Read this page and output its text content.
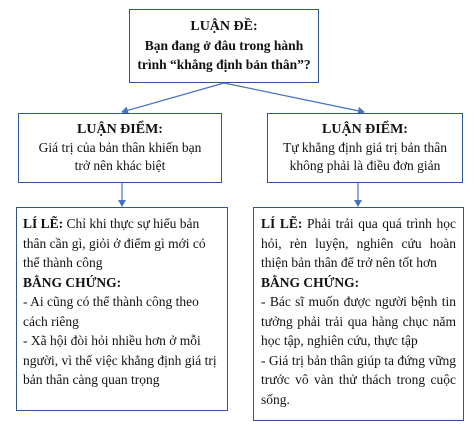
LUẬN ĐỀ:
Bạn đang ở đâu trong hành
trình “khẳng định bản thân”?
LUẬN ĐIỂM:
Giá trị của bản thân khiến bạn
trở nên khác biệt
LUẬN ĐIỂM:
Tự khẳng định giá trị bản thân
không phải là điều đơn giản

LÍ LẼ: Chỉ khi thực sự hiểu bản thân cần gì, giỏi ở điểm gì mới có thể thành công

BẰNG CHỨNG:

- Ai cũng có thể thành công theo cách riêng

- Xã hội đòi hỏi nhiều hơn ở mỗi người, vì thế việc khẳng định giá trị bản thân càng quan trọng

LÍ LẼ: Phải trải qua quá trình học hỏi, rèn luyện, nghiên cứu hoàn thiện bản thân để trở nên tốt hơn

BẰNG CHỨNG:

- Bác sĩ muốn được người bệnh tin tưởng phải trải qua hàng chục năm học tập, nghiên cứu, thực tập

- Giá trị bản thân giúp ta đứng vững trước vô vàn thử thách trong cuộc sống.
